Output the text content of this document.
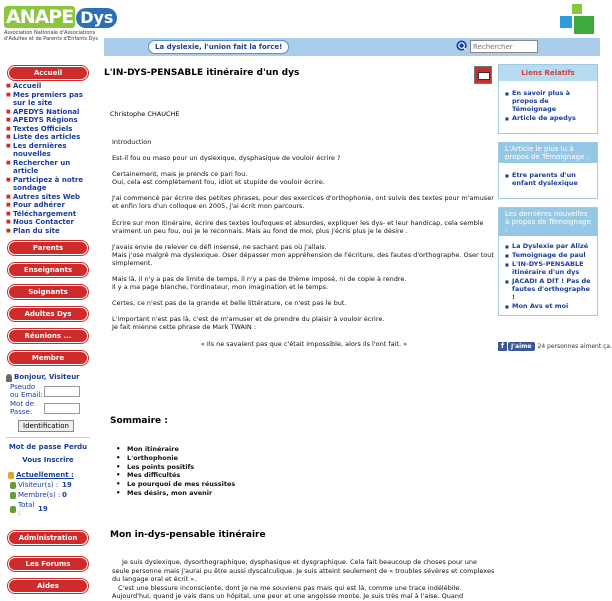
ANAPE Dys
Association Nationale d'Associations d'Adultes et de Parents d'Enfants Dys
La dyslexie, l'union fait la force!
Rechercher
Accueil
■ Accueil
■ Mes premiers pas sur le site
■ APEDYS National
■ APEDYS Régions
■ Textes Officiels
■ Liste des articles
■ Les dernières nouvelles
■ Rechercher un article
■ Participez à notre sondage
■ Autres sites Web
■ Pour adhérer
■ Téléchargement
■ Nous Contacter
■ Plan du site
Parents
Enseignants
Soignants
Adultes Dys
Réunions ...
Membre
Bonjour,
Visiteur
Pseudo ou Email:
Mot de Passe:
Identification
Mot de passe Perdu
Vous Inscrire
Actuellement :
Visiteur(s) : 19
Membre(s) : 0
Total :	19
Administration
Les Forums
Aides
L'IN-DYS-PENSABLE itinéraire d'un dys
Christophe CHAUCHE

Introduction

Est-il fou ou maso pour un dyslexique, dysphasique de vouloir écrire ?

Certainement, mais je prends ce pari fou.
Oui, cela est complètement fou, idiot et stupide de vouloir écrire.

J'ai commencé par écrire des petites phrases, pour des exercices d'orthophonie, ont suivis des textes pour m'amuser et enfin lors d'un colloque en 2005, j'ai écrit mon parcours.

Écrire sur mon itinéraire, écrire des textes loufoques et absurdes, expliquer les dys- et leur handicap, cela semble vraiment un peu fou, oui je le reconnais. Mais au fond de moi, plus j'écris plus je le désire .

J'avais envie de relever ce défi insensé, ne sachant pas où j'allais.
Mais j'ose malgré ma dyslexique. Oser dépasser mon appréhension de l'écriture, des fautes d'orthographe. Oser tout simplement.

Mais là, il n'y a pas de limite de temps, il n'y a pas de thème imposé, ni de copie à rendre.
Il y a ma page blanche, l'ordinateur, mon imagination et le temps.

Certes, ce n'est pas de la grande et belle littérature, ce n'est pas le but.

L'important n'est pas là, c'est de m'amuser et de prendre du plaisir à vouloir écrire.
Je fait mienne cette phrase de Mark TWAIN :

« Ils ne savaient pas que c'était impossible, alors ils l'ont fait. »

Sommaire :
• Mon itinéraire
• L'orthophonie
• Les points positifs
• Mes difficultés
• Le pourquoi de mes réussites
• Mes désirs, mon avenir
Mon in-dys-pensable itinéraire

Je suis dyslexique, dysorthographique, dysphasique et dysgraphique. Cela fait beaucoup de choses pour une seule personne mais j'aurai pu être aussi dyscalculique. Je suis atteint seulement de « troubles sévères et complexes du langage oral et écrit ».

C'est une blessure inconsciente, dont je ne me souviens pas mais qui est là, comme une trace indélébile. Aujourd'hui, quand je vais dans un hôpital, une peur et une angoisse monte. Je suis très mal à l'aise. Quand

Liens Relatifs
■ En savoir plus à propos de Témoignage
■ Article de apedys
L'Article le plus lu à propos de Témoignage :
■ Etre parents d'un enfant dyslexique
Les dernières nouvelles à propos de Témoignage :
■ La Dyslexie par Alizé
■ Temoignage de paul
■ L'IN-DYS-PENSABLE itinéraire d'un dys
■ JACADI A DIT ! Pas de fautes d'orthographe !
■ Mon Avs et moi
f	J'aime	24 personnes aiment ça.
